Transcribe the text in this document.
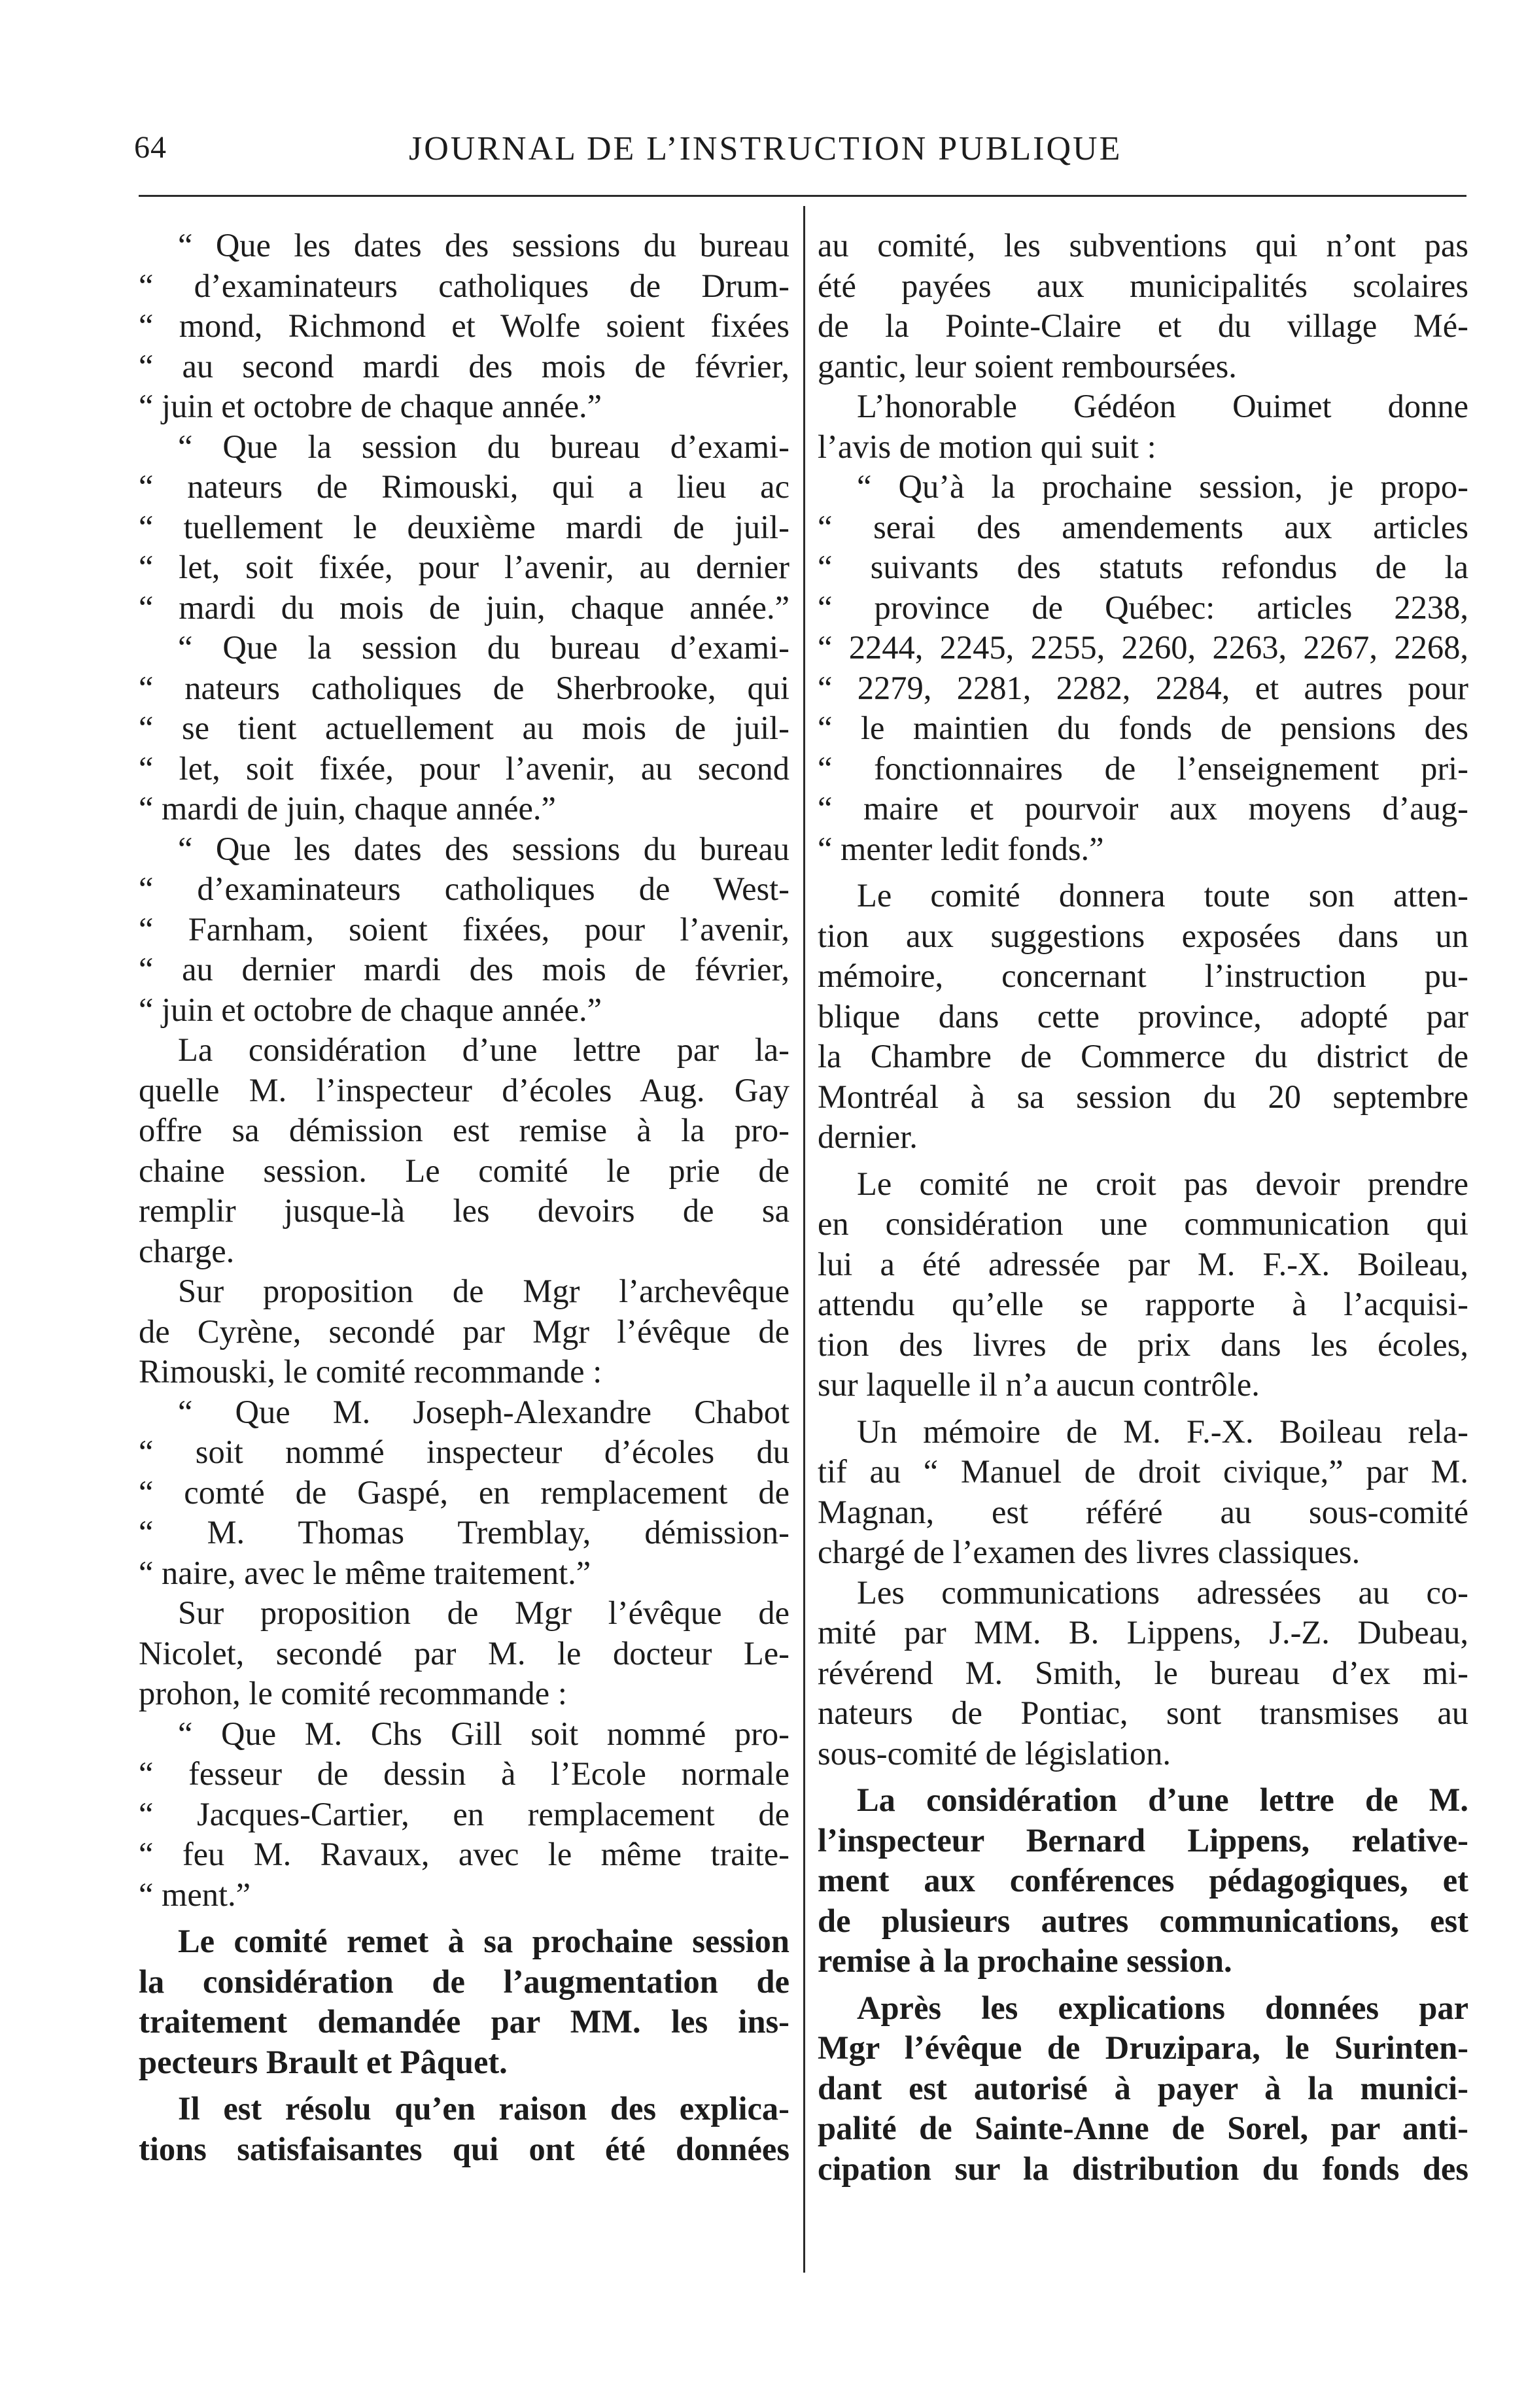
64	JOURNAL DE L’INSTRUCTION PUBLIQUE
“ Que les dates des sessions du bureau
“ d’examinateurs catholiques de Drum-
“ mond, Richmond et Wolfe soient fixées
“ au second mardi des mois de février,
“ juin et octobre de chaque année.”
“ Que la session du bureau d’exami-
“ nateurs de Rimouski, qui a lieu ac
“ tuellement le deuxième mardi de juil-
“ let, soit fixée, pour l’avenir, au dernier
“ mardi du mois de juin, chaque année.”
“ Que la session du bureau d’exami-
“ nateurs catholiques de Sherbrooke, qui
“ se tient actuellement au mois de juil-
“ let, soit fixée, pour l’avenir, au second
“ mardi de juin, chaque année.”
“ Que les dates des sessions du bureau
“ d’examinateurs catholiques de West-
“ Farnham, soient fixées, pour l’avenir,
“ au dernier mardi des mois de février,
“ juin et octobre de chaque année.”
La considération d’une lettre par la-
quelle M. l’inspecteur d’écoles Aug. Gay
offre sa démission est remise à la pro-
chaine session. Le comité le prie de
remplir jusque-là les devoirs de sa
charge.
Sur proposition de Mgr l’archevêque
de Cyrène, secondé par Mgr l’évêque de
Rimouski, le comité recommande :
“ Que M. Joseph-Alexandre Chabot
“ soit nommé inspecteur d’écoles du
“ comté de Gaspé, en remplacement de
“ M. Thomas Tremblay, démission-
“ naire, avec le même traitement.”
Sur proposition de Mgr l’évêque de
Nicolet, secondé par M. le docteur Le-
prohon, le comité recommande :
“ Que M. Chs Gill soit nommé pro-
“ fesseur de dessin à l’Ecole normale
“ Jacques-Cartier, en remplacement de
“ feu M. Ravaux, avec le même traite-
“ ment.”
Le comité remet à sa prochaine session
la considération de l’augmentation de
traitement demandée par MM. les ins-
pecteurs Brault et Pâquet.
Il est résolu qu’en raison des explica-
tions satisfaisantes qui ont été données
au comité, les subventions qui n’ont pas
été payées aux municipalités scolaires
de la Pointe-Claire et du village Mé-
gantic, leur soient remboursées.
L’honorable Gédéon Ouimet donne
l’avis de motion qui suit :
“ Qu’à la prochaine session, je propo-
“ serai des amendements aux articles
“ suivants des statuts refondus de la
“ province de Québec: articles 2238,
“ 2244, 2245, 2255, 2260, 2263, 2267, 2268,
“ 2279, 2281, 2282, 2284, et autres pour
“ le maintien du fonds de pensions des
“ fonctionnaires de l’enseignement pri-
“ maire et pourvoir aux moyens d’aug-
“ menter ledit fonds.”
Le comité donnera toute son atten-
tion aux suggestions exposées dans un
mémoire, concernant l’instruction pu-
blique dans cette province, adopté par
la Chambre de Commerce du district de
Montréal à sa session du 20 septembre
dernier.
Le comité ne croit pas devoir prendre
en considération une communication qui
lui a été adressée par M. F.-X. Boileau,
attendu qu’elle se rapporte à l’acquisi-
tion des livres de prix dans les écoles,
sur laquelle il n’a aucun contrôle.
Un mémoire de M. F.-X. Boileau rela-
tif au “ Manuel de droit civique,” par M.
Magnan, est référé au sous-comité
chargé de l’examen des livres classiques.
Les communications adressées au co-
mité par MM. B. Lippens, J.-Z. Dubeau,
révérend M. Smith, le bureau d’ex mi-
nateurs de Pontiac, sont transmises au
sous-comité de législation.
La considération d’une lettre de M.
l’inspecteur Bernard Lippens, relative-
ment aux conférences pédagogiques, et
de plusieurs autres communications, est
remise à la prochaine session.
Après les explications données par
Mgr l’évêque de Druzipara, le Surinten-
dant est autorisé à payer à la munici-
palité de Sainte-Anne de Sorel, par anti-
cipation sur la distribution du fonds des
